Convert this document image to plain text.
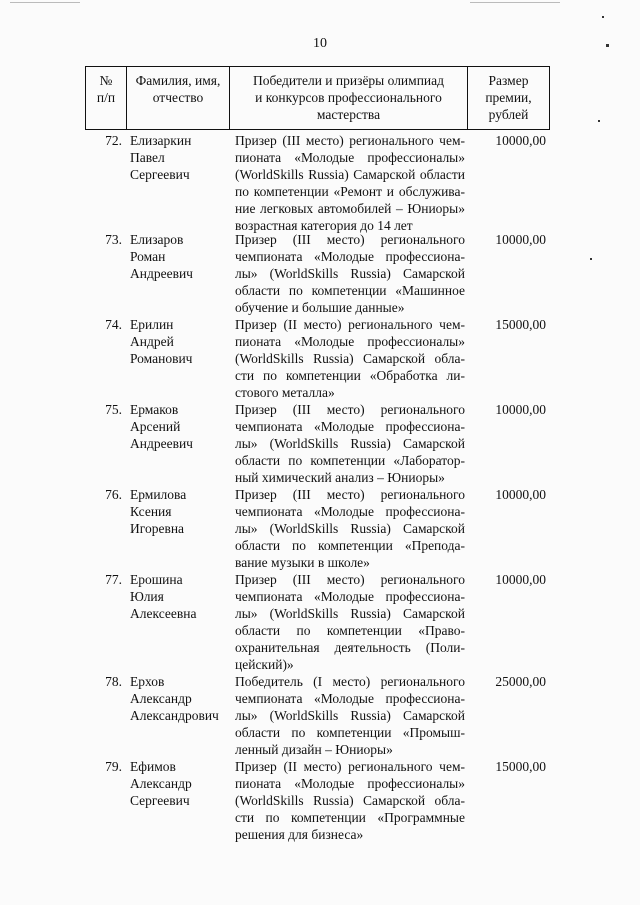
10
№
п/п
Фамилия, имя,
отчество
Победители и призёры олимпиад
и конкурсов профессионального
мастерства
Размер
премии,
рублей
72. Елизаркин
Павел
Сергеевич
Призер (III место) регионального чем-
пионата «Молодые профессионалы»
(WorldSkills Russia) Самарской области
по компетенции «Ремонт и обслужива-
ние легковых автомобилей – Юниоры»
возрастная категория до 14 лет
10000,00
73. Елизаров
Роман
Андреевич
Призер (III место) регионального
чемпионата «Молодые профессиона-
лы» (WorldSkills Russia) Самарской
области по компетенции «Машинное
обучение и большие данные»
10000,00
74. Ерилин
Андрей
Романович
Призер (II место) регионального чем-
пионата «Молодые профессионалы»
(WorldSkills Russia) Самарской обла-
сти по компетенции «Обработка ли-
стового металла»
15000,00
75. Ермаков
Арсений
Андреевич
Призер (III место) регионального
чемпионата «Молодые профессиона-
лы» (WorldSkills Russia) Самарской
области по компетенции «Лаборатор-
ный химический анализ – Юниоры»
10000,00
76. Ермилова
Ксения
Игоревна
Призер (III место) регионального
чемпионата «Молодые профессиона-
лы» (WorldSkills Russia) Самарской
области по компетенции «Препода-
вание музыки в школе»
10000,00
77. Ерошина
Юлия
Алексеевна
Призер (III место) регионального
чемпионата «Молодые профессиона-
лы» (WorldSkills Russia) Самарской
области по компетенции «Право-
охранительная деятельность (Поли-
цейский)»
10000,00
78. Ерхов
Александр
Александрович
Победитель (I место) регионального
чемпионата «Молодые профессиона-
лы» (WorldSkills Russia) Самарской
области по компетенции «Промыш-
ленный дизайн – Юниоры»
25000,00
79. Ефимов
Александр
Сергеевич
Призер (II место) регионального чем-
пионата «Молодые профессионалы»
(WorldSkills Russia) Самарской обла-
сти по компетенции «Программные
решения для бизнеса»
15000,00
